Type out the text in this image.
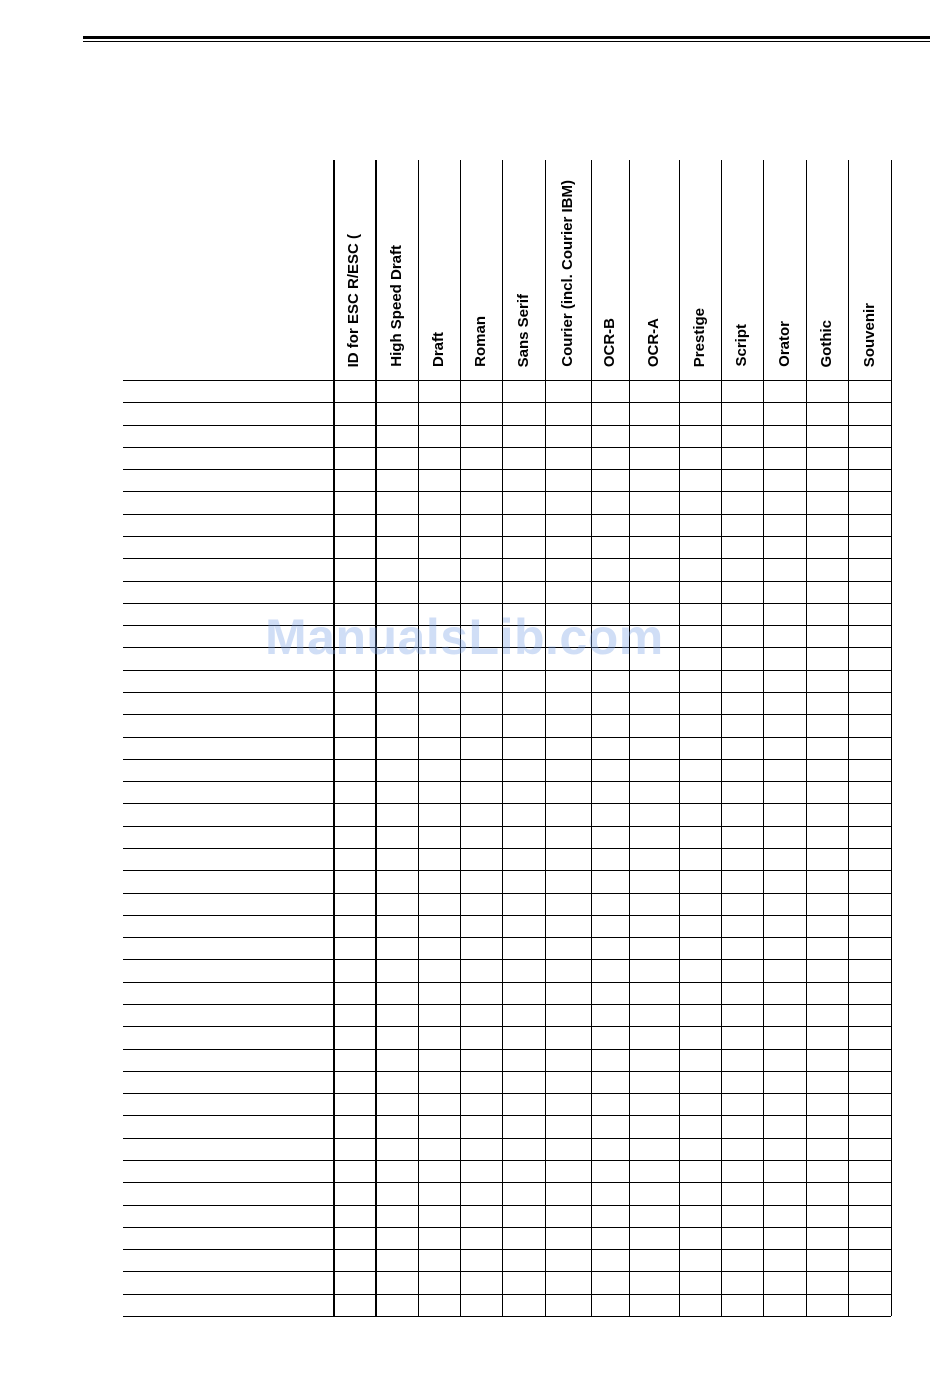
ID for ESC R/ESC ( High Speed Draft Draft Roman Sans Serif Courier (incl. Courier IBM) OCR-B OCR-A Prestige Script Orator Gothic Souvenir
ManualsLib.com
